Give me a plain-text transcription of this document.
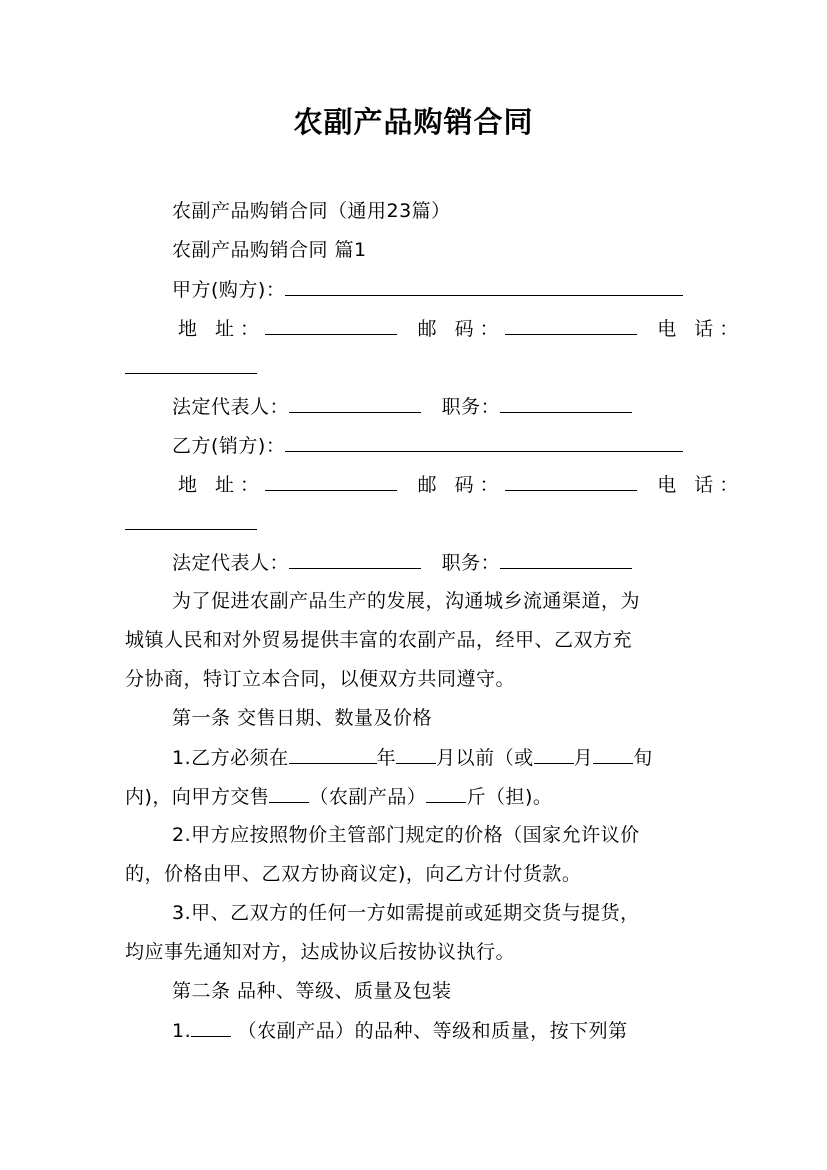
农副产品购销合同
农副产品购销合同（通用23篇）
农副产品购销合同 篇1
甲方(购方)：
地 址：	邮 码：	电 话：
法定代表人：	职务：
乙方(销方)：
地 址：	邮 码：	电 话：
法定代表人：	职务：
为了促进农副产品生产的发展，沟通城乡流通渠道，为
城镇人民和对外贸易提供丰富的农副产品，经甲、乙双方充
分协商，特订立本合同，以便双方共同遵守。
第一条 交售日期、数量及价格
1.乙方必须在	年 月以前（或 月 旬
内)，向甲方交售 （农副产品） 斤（担)。
2.甲方应按照物价主管部门规定的价格（国家允许议价
的，价格由甲、乙双方协商议定)，向乙方计付货款。
3.甲、乙双方的任何一方如需提前或延期交货与提货，
均应事先通知对方，达成协议后按协议执行。
第二条 品种、等级、质量及包装
1. （农副产品）的品种、等级和质量，按下列第
